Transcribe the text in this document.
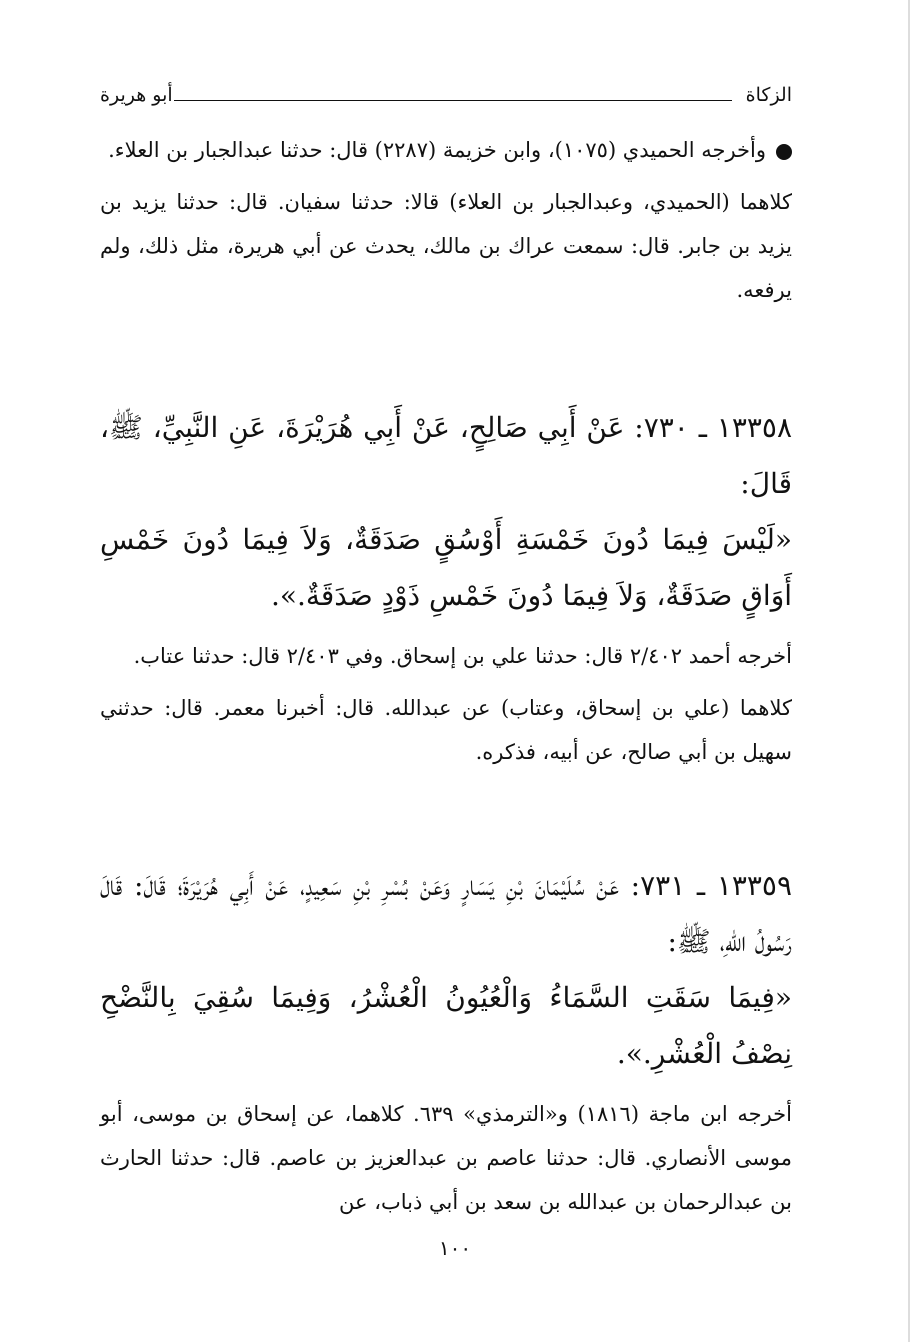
الزكاة
أبو هريرة

وأخرجه الحميدي (١٠٧٥)، وابن خزيمة (٢٢٨٧) قال: حدثنا عبدالجبار بن العلاء.

كلاهما (الحميدي، وعبدالجبار بن العلاء) قالا: حدثنا سفيان. قال: حدثنا يزيد بن يزيد بن جابر. قال: سمعت عراك بن مالك، يحدث عن أبي هريرة، مثل ذلك، ولم يرفعه.

١٣٣٥٨ ـ ٧٣٠: عَنْ أَبِي صَالِحٍ، عَنْ أَبِي هُرَيْرَةَ، عَنِ النَّبِيِّ، ﷺ، قَالَ:

«لَيْسَ فِيمَا دُونَ خَمْسَةِ أَوْسُقٍ صَدَقَةٌ، وَلاَ فِيمَا دُونَ خَمْسِ أَوَاقٍ صَدَقَةٌ، وَلاَ فِيمَا دُونَ خَمْسِ ذَوْدٍ صَدَقَةٌ.».

أخرجه أحمد ٢/٤٠٢ قال: حدثنا علي بن إسحاق. وفي ٢/٤٠٣ قال: حدثنا عتاب.

كلاهما (علي بن إسحاق، وعتاب) عن عبدالله. قال: أخبرنا معمر. قال: حدثني سهيل بن أبي صالح، عن أبيه، فذكره.

١٣٣٥٩ ـ ٧٣١: عَنْ سُلَيْمَانَ بْنِ يَسَارٍ وَعَنْ بُسْرِ بْنِ سَعِيدٍ، عَنْ أَبِي هُرَيْرَةَ؛ قَالَ: قَالَ رَسُولُ اللهِ، ﷺ:

«فِيمَا سَقَتِ السَّمَاءُ وَالْعُيُونُ الْعُشْرُ، وَفِيمَا سُقِيَ بِالنَّضْحِ نِصْفُ الْعُشْرِ.».

أخرجه ابن ماجة (١٨١٦) و«الترمذي» ٦٣٩. كلاهما، عن إسحاق بن موسى، أبو موسى الأنصاري. قال: حدثنا عاصم بن عبدالعزيز بن عاصم. قال: حدثنا الحارث بن عبدالرحمان بن عبدالله بن سعد بن أبي ذباب، عن

١٠٠
